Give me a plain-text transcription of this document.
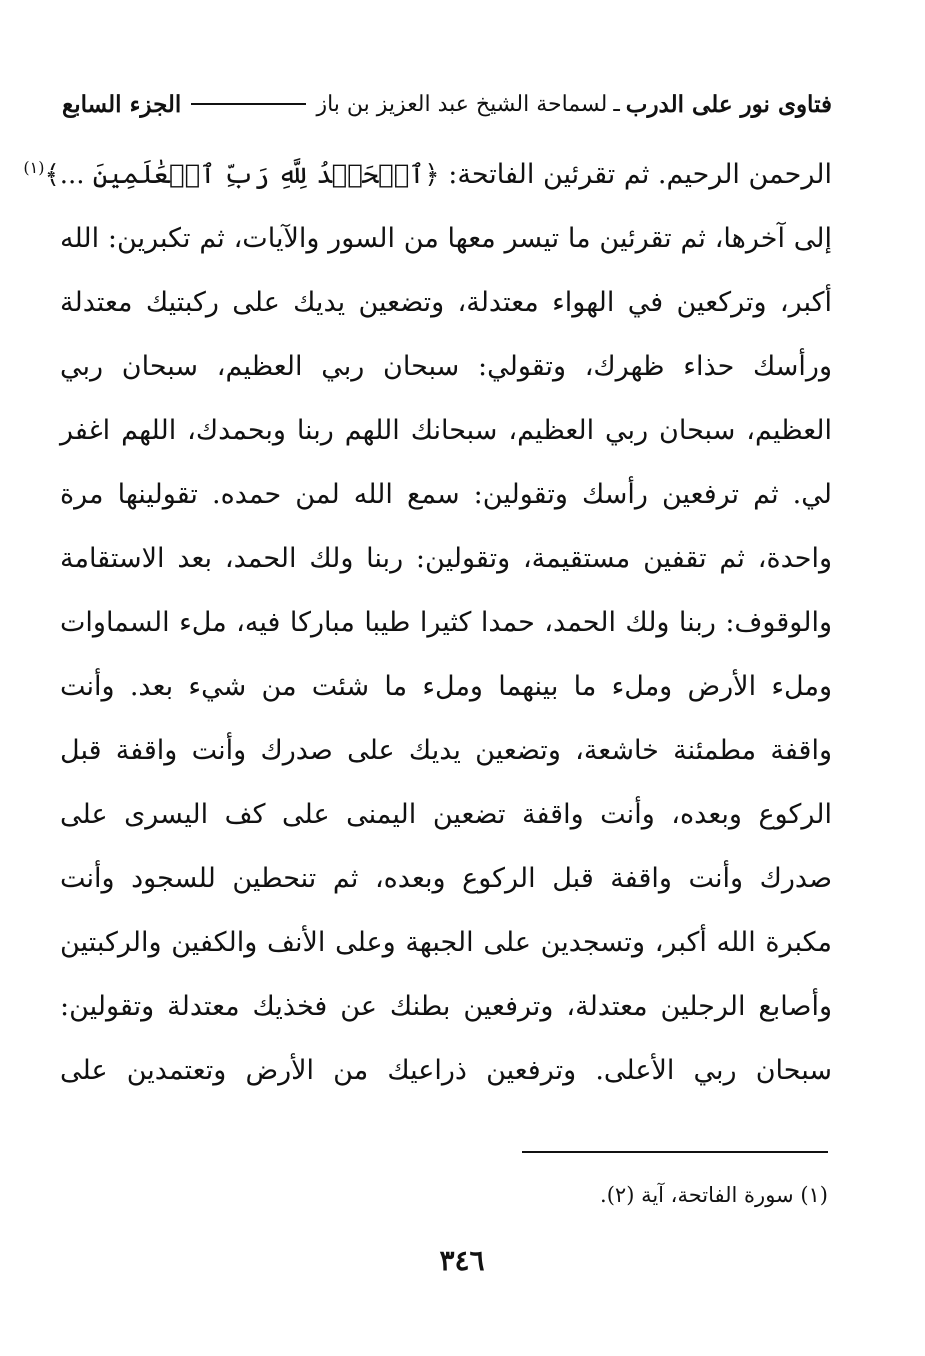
فتاوى نور على الدرب
ـ
لسماحة الشيخ عبد العزيز بن باز
الجزء السابع
الرحمن الرحيم. ثم تقرئين الفاتحة: ﴿ٱلۡحَمۡدُ لِلَّهِ رَبِّ ٱلۡعَٰلَمِينَ ...﴾$^{(١)}$
إلى آخرها، ثم تقرئين ما تيسر معها من السور والآيات، ثم تكبرين: الله
أكبر، وتركعين في الهواء معتدلة، وتضعين يديك على ركبتيك معتدلة
ورأسك حذاء ظهرك، وتقولي: سبحان ربي العظيم، سبحان ربي
العظيم، سبحان ربي العظيم، سبحانك اللهم ربنا وبحمدك، اللهم اغفر
لي. ثم ترفعين رأسك وتقولين: سمع الله لمن حمده. تقولينها مرة
واحدة، ثم تقفين مستقيمة، وتقولين: ربنا ولك الحمد، بعد الاستقامة
والوقوف: ربنا ولك الحمد، حمدا كثيرا طيبا مباركا فيه، ملء السماوات
وملء الأرض وملء ما بينهما وملء ما شئت من شيء بعد. وأنت
واقفة مطمئنة خاشعة، وتضعين يديك على صدرك وأنت واقفة قبل
الركوع وبعده، وأنت واقفة تضعين اليمنى على كف اليسرى على
صدرك وأنت واقفة قبل الركوع وبعده، ثم تنحطين للسجود وأنت
مكبرة الله أكبر، وتسجدين على الجبهة وعلى الأنف والكفين والركبتين
وأصابع الرجلين معتدلة، وترفعين بطنك عن فخذيك معتدلة وتقولين:
سبحان ربي الأعلى. وترفعين ذراعيك من الأرض وتعتمدين على
(١) سورة الفاتحة، آية (٢).
٣٤٦
